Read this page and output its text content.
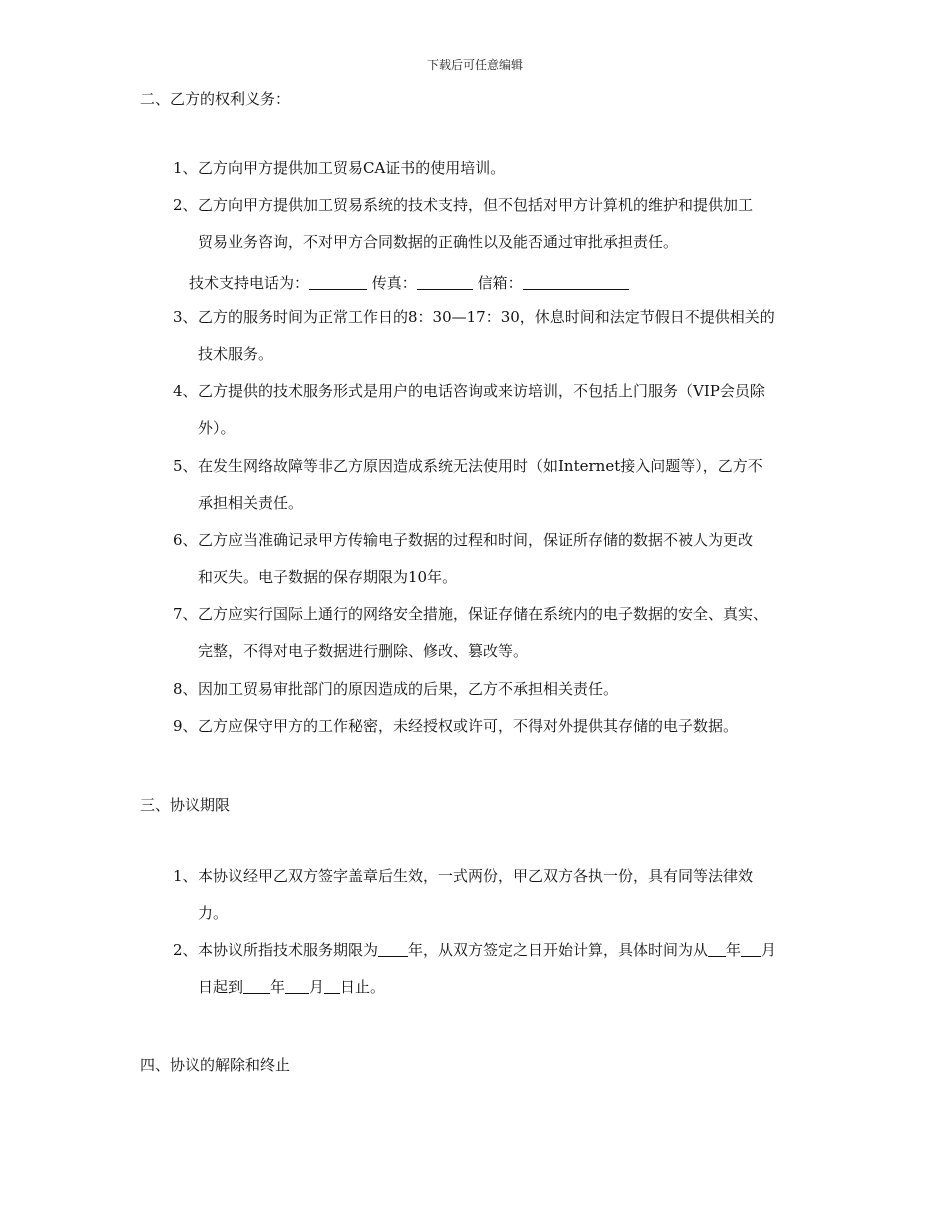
下载后可任意编辑
二、乙方的权利义务：
1、乙方向甲方提供加工贸易CA证书的使用培训。
2、乙方向甲方提供加工贸易系统的技术支持，但不包括对甲方计算机的维护和提供加工
贸易业务咨询，不对甲方合同数据的正确性以及能否通过审批承担责任。
技术支持电话为：	传真：	信箱：
3、乙方的服务时间为正常工作日的8：30—17：30，休息时间和法定节假日不提供相关的
技术服务。
4、乙方提供的技术服务形式是用户的电话咨询或来访培训，不包括上门服务（VIP会员除
外）。
5、在发生网络故障等非乙方原因造成系统无法使用时（如Internet接入问题等），乙方不
承担相关责任。
6、乙方应当准确记录甲方传输电子数据的过程和时间，保证所存储的数据不被人为更改
和灭失。电子数据的保存期限为10年。
7、乙方应实行国际上通行的网络安全措施，保证存储在系统内的电子数据的安全、真实、
完整，不得对电子数据进行删除、修改、篡改等。
8、因加工贸易审批部门的原因造成的后果，乙方不承担相关责任。
9、乙方应保守甲方的工作秘密，未经授权或许可，不得对外提供其存储的电子数据。
三、协议期限
1、本协议经甲乙双方签字盖章后生效，一式两份，甲乙双方各执一份，具有同等法律效
力。
2、本协议所指技术服务期限为 年，从双方签定之日开始计算，具体时间为从 年 月
日起到 年 月 日止。
四、协议的解除和终止
